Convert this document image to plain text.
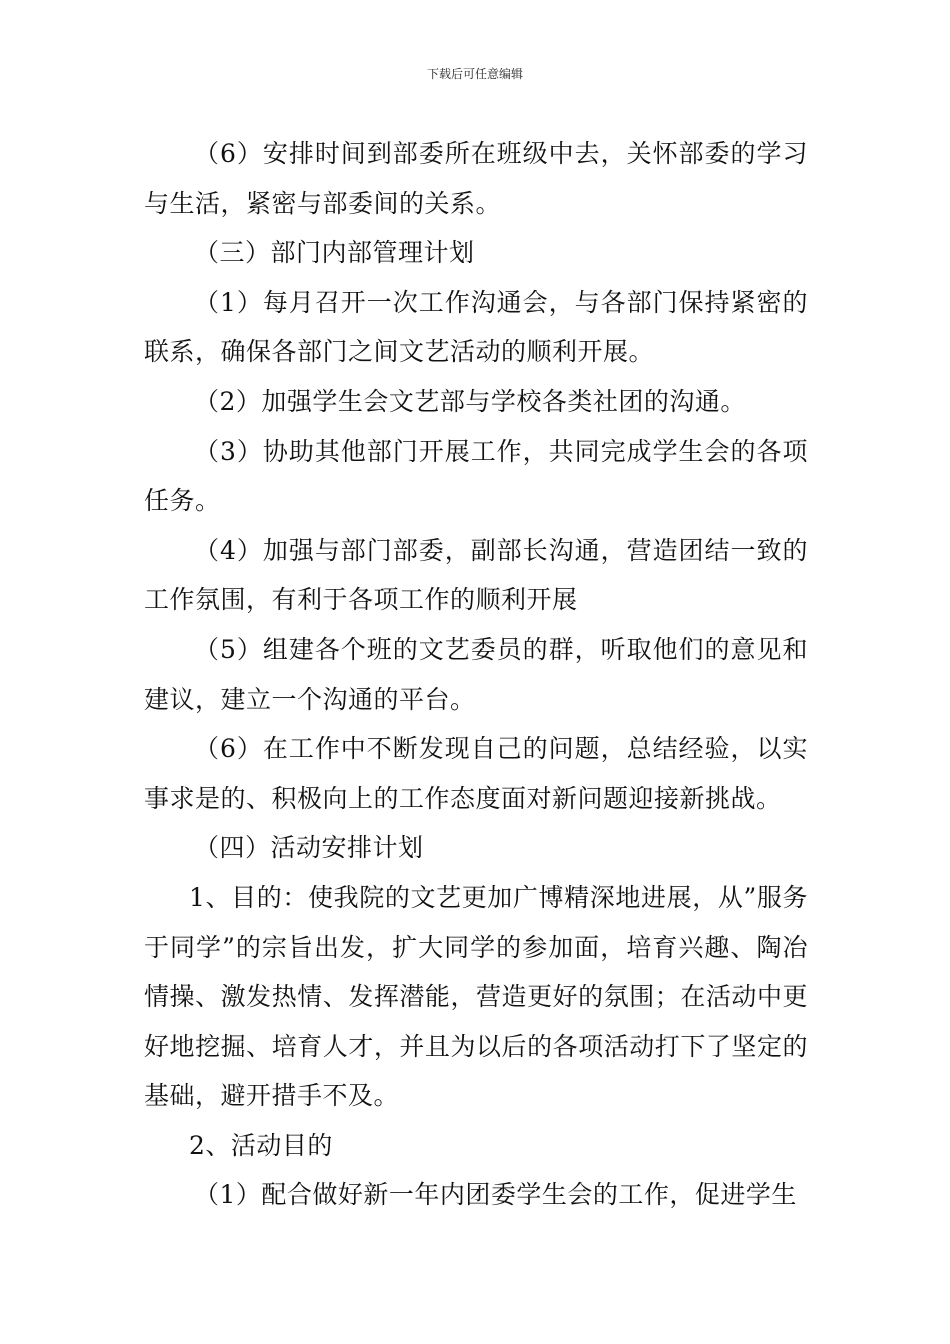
下载后可任意编辑

（6）安排时间到部委所在班级中去，关怀部委的学习与生活，紧密与部委间的关系。

（三）部门内部管理计划

（1）每月召开一次工作沟通会，与各部门保持紧密的联系，确保各部门之间文艺活动的顺利开展。

（2）加强学生会文艺部与学校各类社团的沟通。

（3）协助其他部门开展工作，共同完成学生会的各项任务。

（4）加强与部门部委，副部长沟通，营造团结一致的工作氛围，有利于各项工作的顺利开展

（5）组建各个班的文艺委员的群，听取他们的意见和建议，建立一个沟通的平台。

（6）在工作中不断发现自己的问题，总结经验，以实事求是的、积极向上的工作态度面对新问题迎接新挑战。

（四）活动安排计划

1、目的：使我院的文艺更加广博精深地进展，从”服务于同学”的宗旨出发，扩大同学的参加面，培育兴趣、陶冶情操、激发热情、发挥潜能，营造更好的氛围；在活动中更好地挖掘、培育人才，并且为以后的各项活动打下了坚定的基础，避开措手不及。

2、活动目的

（1）配合做好新一年内团委学生会的工作，促进学生
